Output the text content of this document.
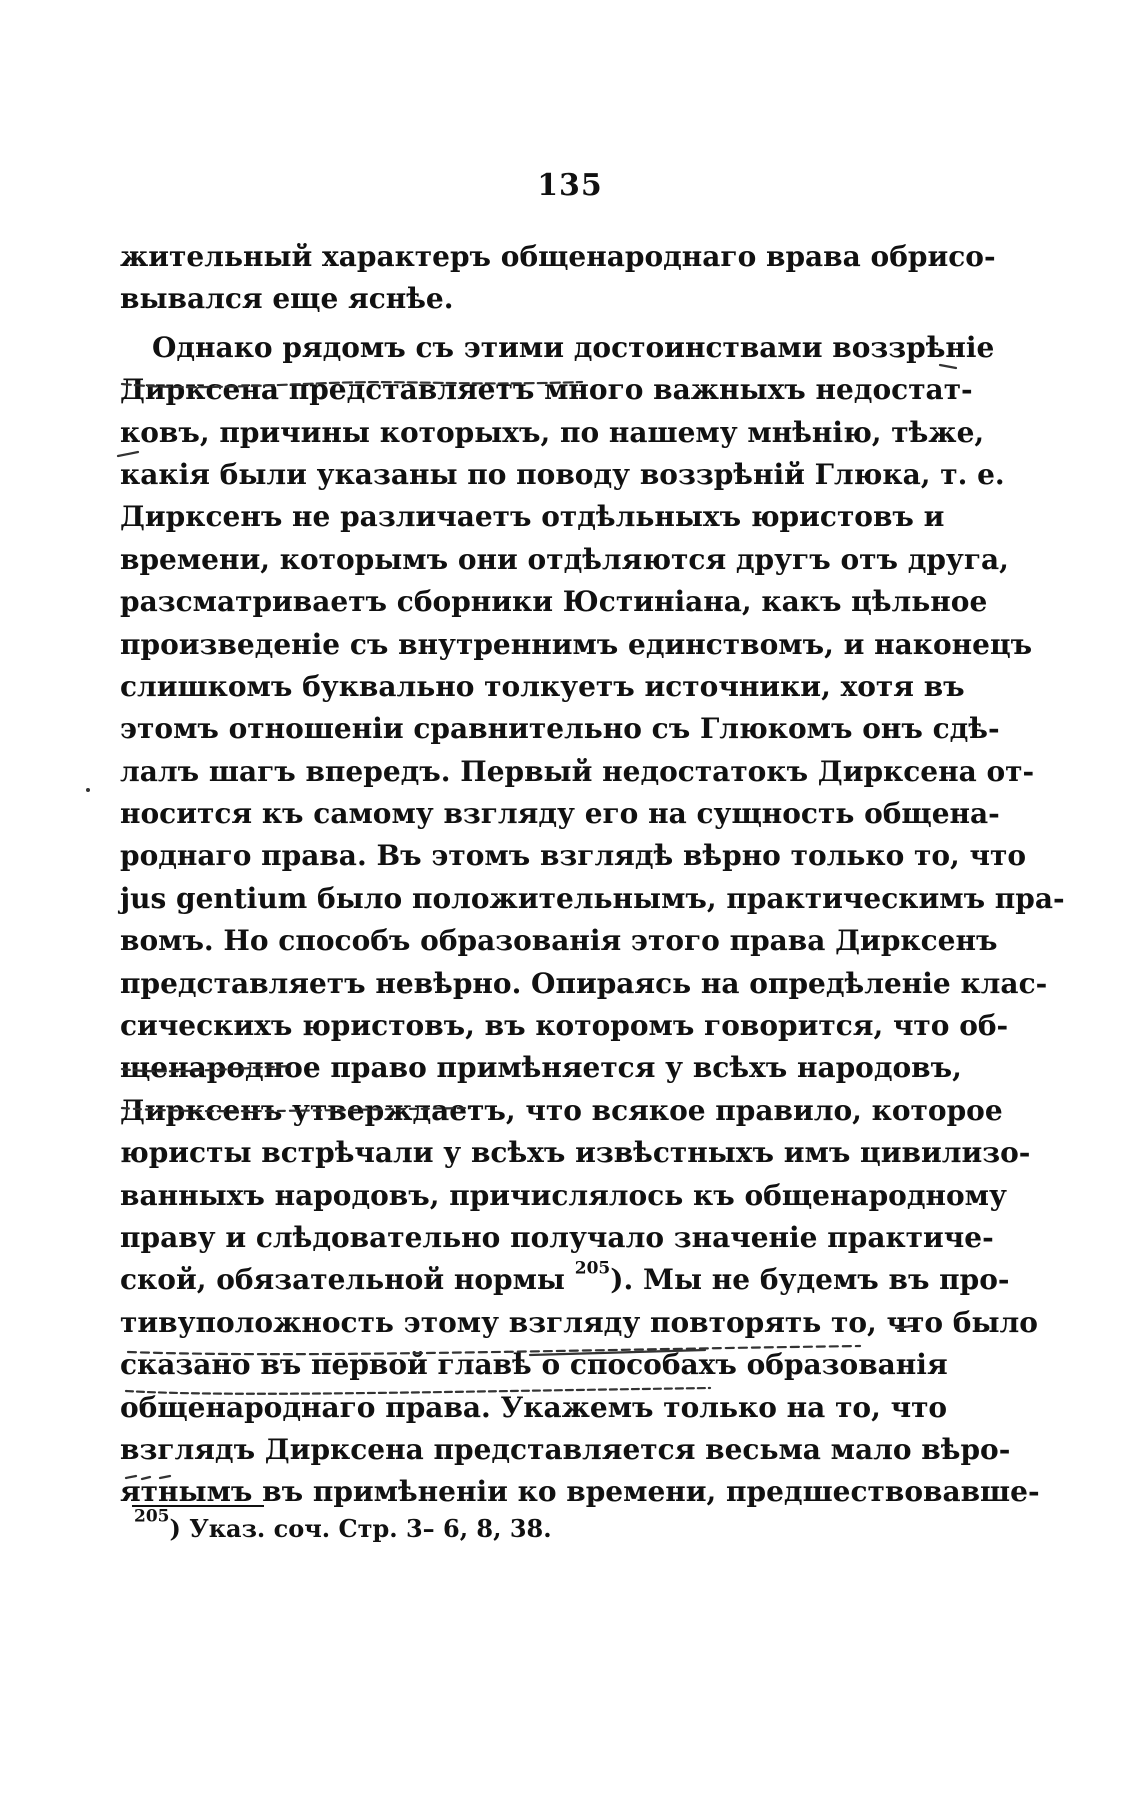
135
жительный характеръ общенароднаго врава обрисо-
вывался еще яснѣе.
Однако рядомъ съ этими достоинствами воззрѣніе
Дирксена представляетъ много важныхъ недостат-
ковъ, причины которыхъ, по нашему мнѣнію, тѣже,
какія были указаны по поводу воззрѣній Глюка, т. е.
Дирксенъ не различаетъ отдѣльныхъ юристовъ и
времени, которымъ они отдѣляются другъ отъ друга,
разсматриваетъ сборники Юстиніана, какъ цѣльное
произведеніе съ внутреннимъ единствомъ, и наконецъ
слишкомъ буквально толкуетъ источники, хотя въ
этомъ отношеніи сравнительно съ Глюкомъ онъ сдѣ-
лалъ шагъ впередъ. Первый недостатокъ Дирксена от-
носится къ самому взгляду его на сущность общена-
роднаго права. Въ этомъ взглядѣ вѣрно только то, что
jus gentium было положительнымъ, практическимъ пра-
вомъ. Но способъ образованія этого права Дирксенъ
представляетъ невѣрно. Опираясь на опредѣленіе клас-
сическихъ юристовъ, въ которомъ говорится, что об-
щенародное право примѣняется у всѣхъ народовъ,
Дирксенъ утверждаетъ, что всякое правило, которое
юристы встрѣчали у всѣхъ извѣстныхъ имъ цивилизо-
ванныхъ народовъ, причислялось къ общенародному
праву и слѣдовательно получало значеніе практиче-
ской, обязательной нормы $^{205}$). Мы не будемъ въ про-
тивуположность этому взгляду повторять то, что было
сказано въ первой главѣ о способахъ образованія
общенароднаго права. Укажемъ только на то, что
взглядъ Дирксена представляется весьма мало вѣро-
ятнымъ въ примѣненіи ко времени, предшествовавше-
$^{205}$) Указ. соч. Стр. 3– 6, 8, 38.
